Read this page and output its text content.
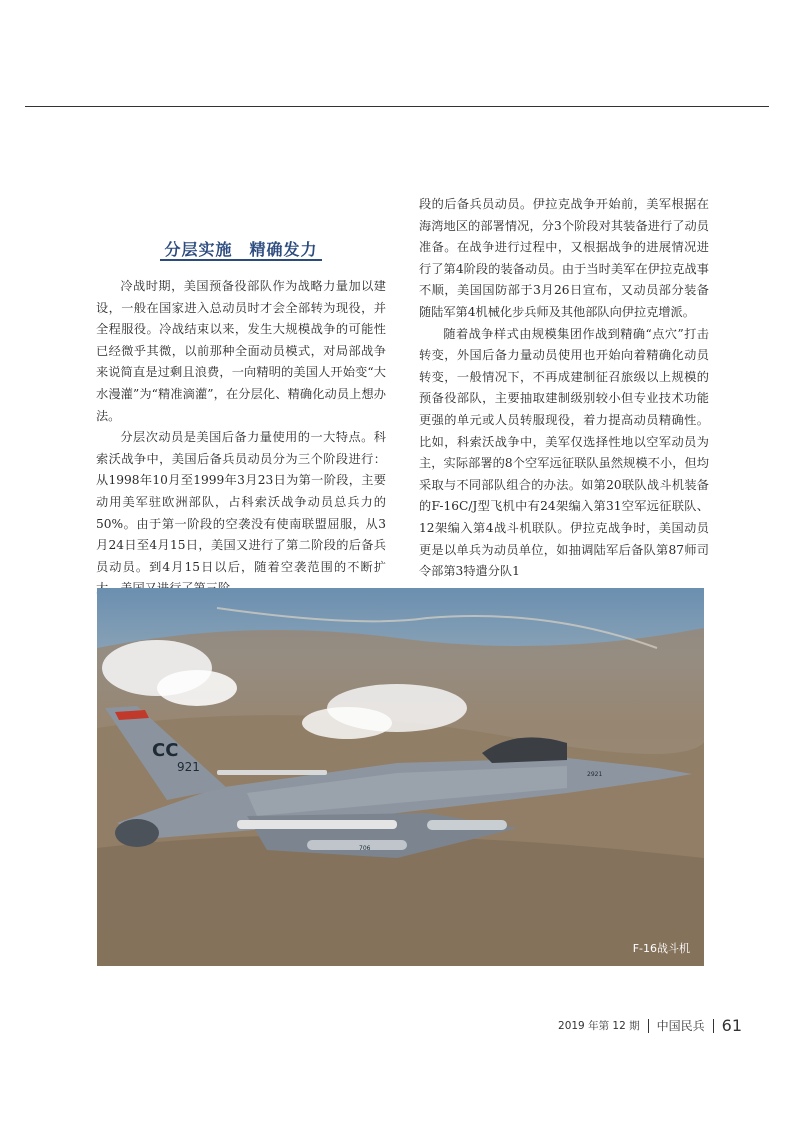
分层实施　精确发力

冷战时期，美国预备役部队作为战略力量加以建设，一般在国家进入总动员时才会全部转为现役，并全程服役。冷战结束以来，发生大规模战争的可能性已经微乎其微，以前那种全面动员模式，对局部战争来说简直是过剩且浪费，一向精明的美国人开始变“大水漫灌”为“精准滴灌”，在分层化、精确化动员上想办法。

分层次动员是美国后备力量使用的一大特点。科索沃战争中，美国后备兵员动员分为三个阶段进行：从1998年10月至1999年3月23日为第一阶段，主要动用美军驻欧洲部队，占科索沃战争动员总兵力的50%。由于第一阶段的空袭没有使南联盟屈服，从3月24日至4月15日，美国又进行了第二阶段的后备兵员动员。到4月15日以后，随着空袭范围的不断扩

段的后备兵员动员。伊拉克战争开始前，美军根据在海湾地区的部署情况，分3个阶段对其装备进行了动员准备。在战争进行过程中，又根据战争的进展情况进行了第4阶段的装备动员。由于当时美军在伊拉克战事不顺，美国国防部于3月26日宣布，又动员部分装备随陆军第4机械化步兵师及其他部队向伊拉克增派。

随着战争样式由规模集团作战到精确“点穴”打击转变，外国后备力量动员使用也开始向着精确化动员转变，一般情况下，不再成建制征召旅级以上规模的预备役部队，主要抽取建制级别较小但专业技术功能更强的单元或人员转服现役，着力提高动员精确性。比如，科索沃战争中，美军仅选择性地以空军动员为主，实际部署的8个空军远征联队虽然规模不小，但均采取与不同部队组合的办法。如第20联队战斗机装备的F-16C/J型飞机中有24架编入第31空军远征联队、12架编入第4战斗机联队。伊拉克战争时，美国动员更是以单兵为动员单位，如抽调陆军后备队第87师司令部第3特遣分队1

CC
921
2921
706
F-16战斗机
2019 年第 12 期 中国民兵 61
